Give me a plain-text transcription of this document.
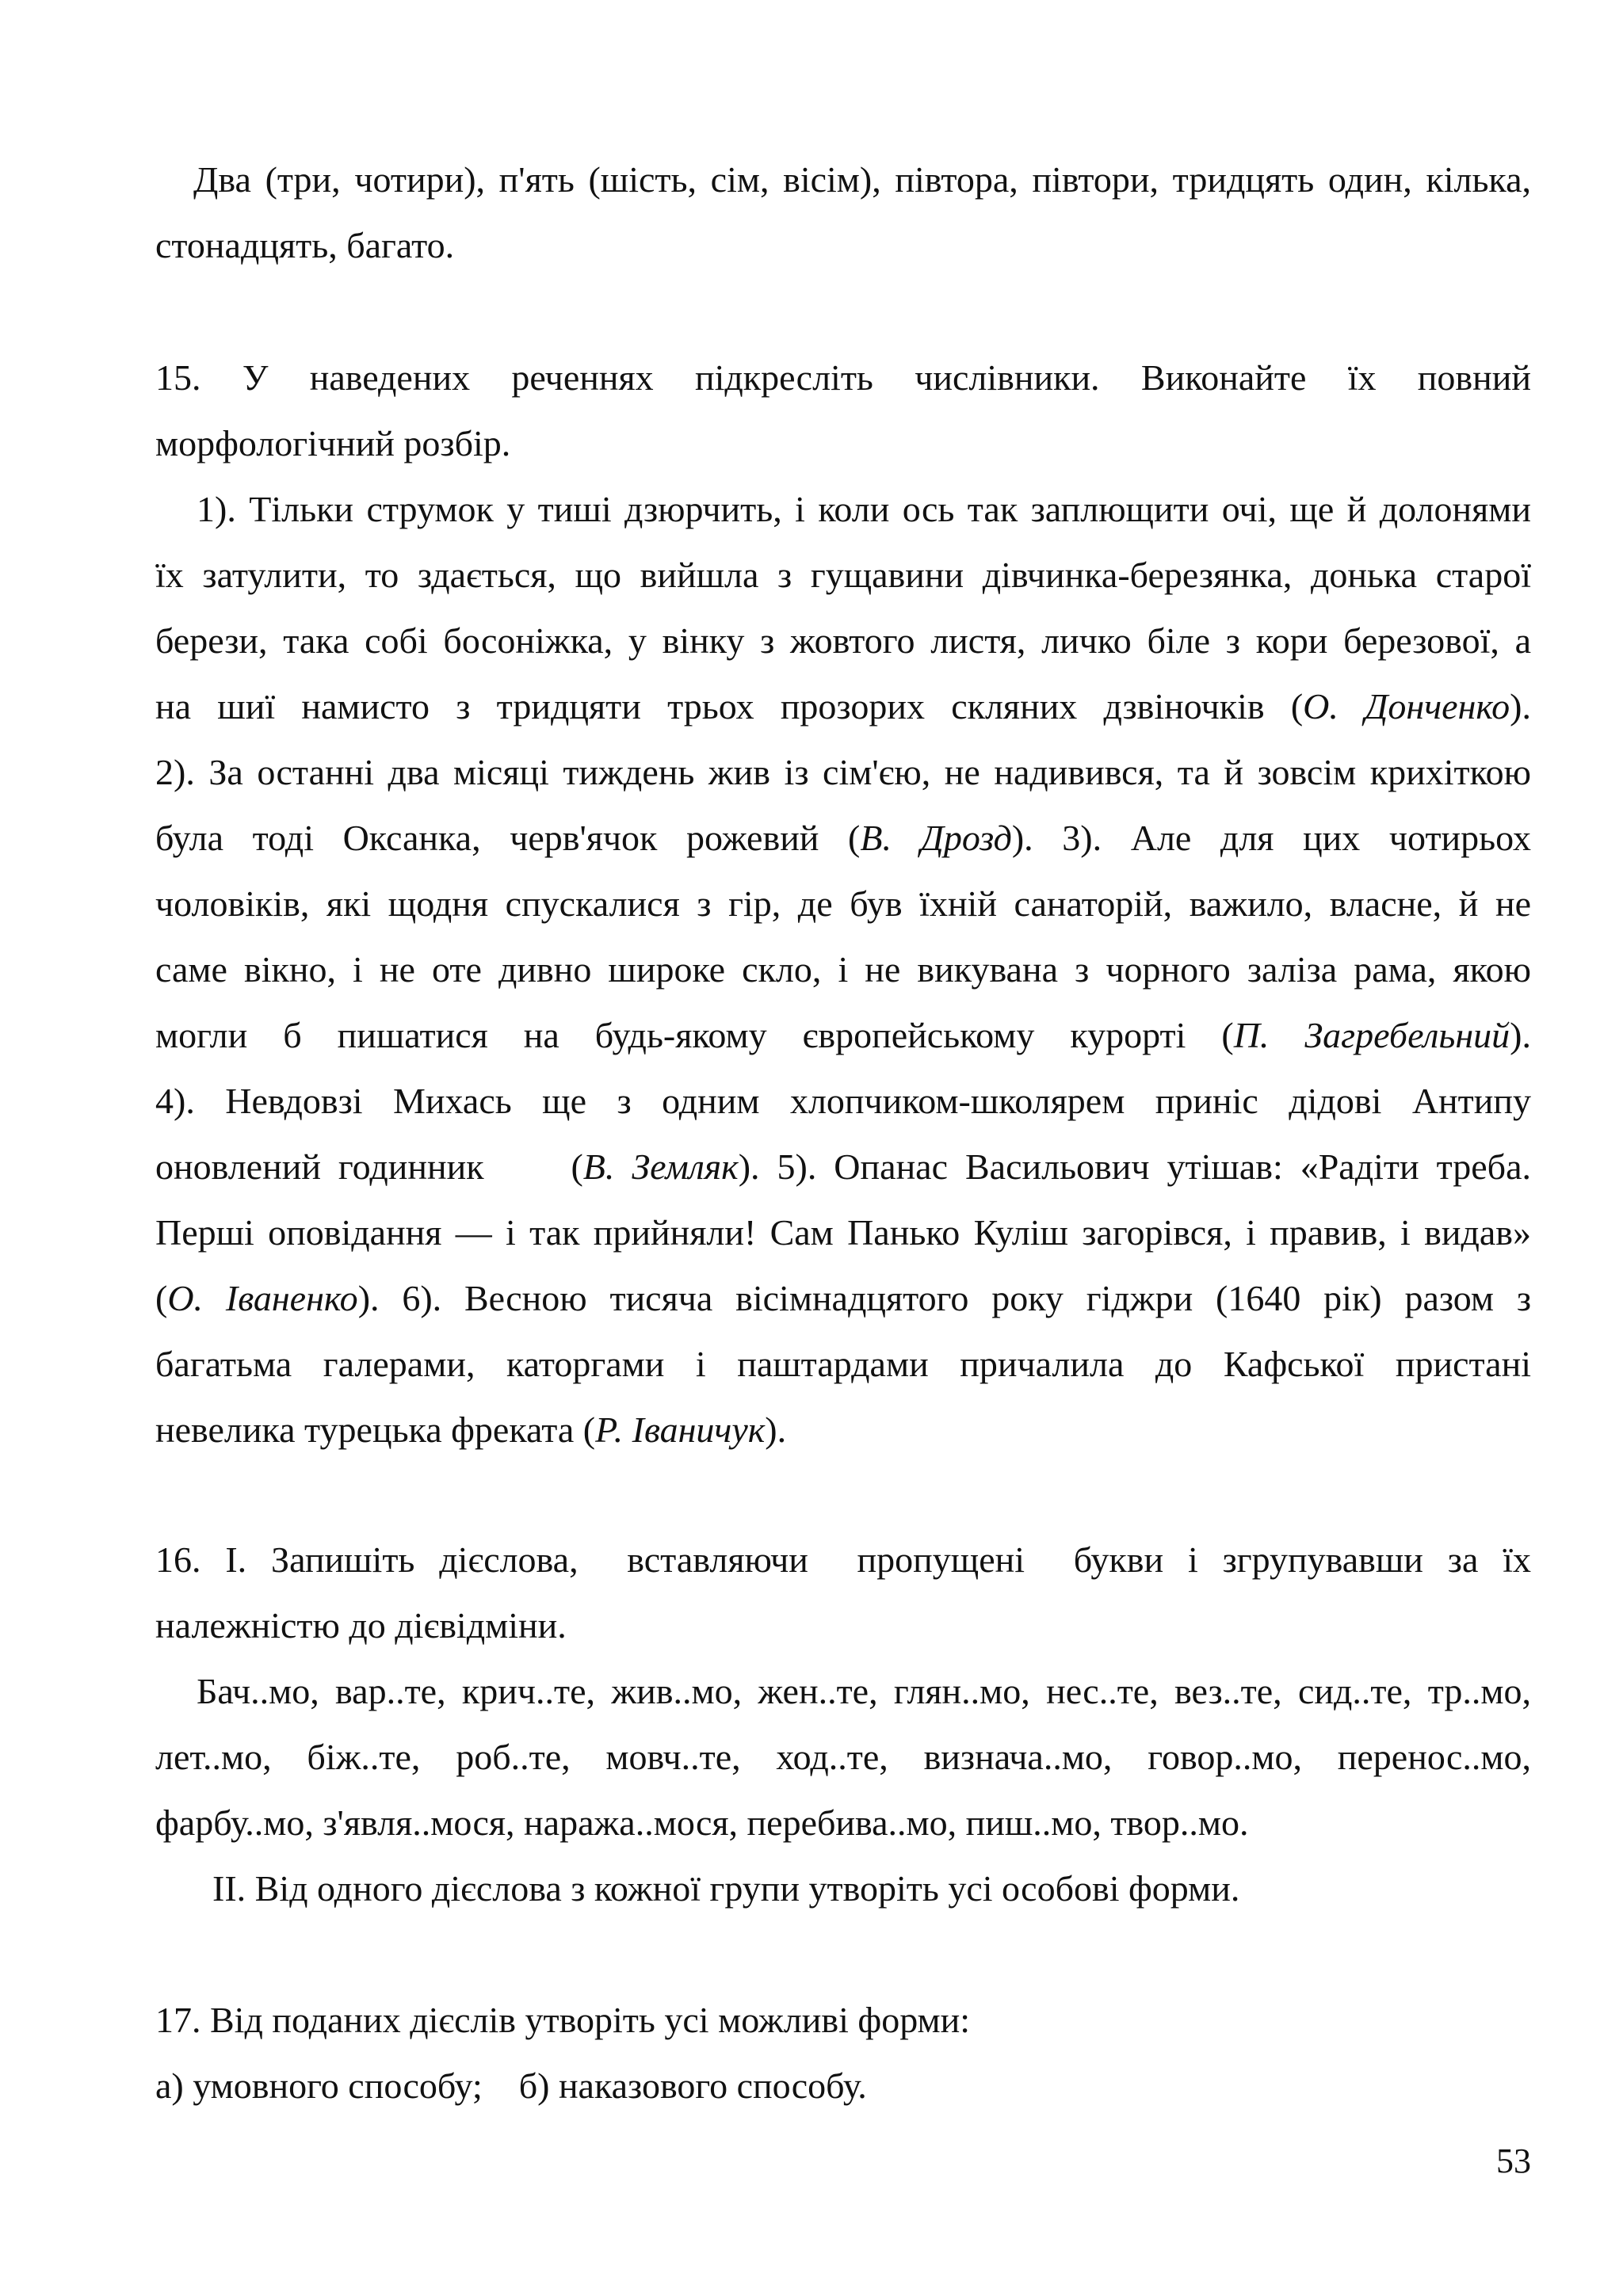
Два (три, чотири), п'ять (шість, сім, вісім), півтора, півтори, тридцять один, кілька,
стонадцять, багато.
15. У наведених реченнях підкресліть числівники. Виконайте їх повний
морфологічний розбір.
1). Тільки струмок у тиші дзюрчить, і коли ось так заплющити очі, ще й долонями
їх затулити, то здається, що вийшла з гущавини дівчинка-березянка, донька старої
берези, така собі босоніжка, у вінку з жовтого листя, личко біле з кори березової, а
на шиї намисто з тридцяти трьох прозорих скляних дзвіночків (О. Донченко).
2). За останні два місяці тиждень жив із сім'єю, не надивився, та й зовсім крихіткою
була тоді Оксанка, черв'ячок рожевий (В. Дрозд). 3). Але для цих чотирьох
чоловіків, які щодня спускалися з гір, де був їхній санаторій, важило, власне, й не
саме вікно, і не оте дивно широке скло, і не викувана з чорного заліза рама, якою
могли б пишатися на будь-якому європейському курорті (П. Загребельний).
4). Невдовзі Михась ще з одним хлопчиком-школярем приніс дідові Антипу
оновлений годинник     (В. Земляк). 5). Опанас Васильович утішав: «Радіти треба.
Перші оповідання — і так прийняли! Сам Панько Куліш загорівся, і правив, і видав»
(О. Іваненко). 6). Весною тисяча вісімнадцятого року гіджри (1640 рік) разом з
багатьма галерами, каторгами і паштардами причалила до Кафської пристані
невелика турецька фреката (Р. Іваничук).
16. І. Запишіть дієслова,  вставляючи  пропущені  букви і згрупувавши за їх
належністю до дієвідміни.
Бач..мо, вар..те, крич..те, жив..мо, жен..те, глян..мо, нес..те, вез..те, сид..те, тр..мо,
лет..мо, біж..те, роб..те, мовч..те, ход..те, визнача..мо, говор..мо, перенос..мо,
фарбу..мо, з'явля..мося, наража..мося, перебива..мо, пиш..мо, твор..мо.
ІІ. Від одного дієслова з кожної групи утворіть усі особові форми.
17. Від поданих дієслів утворіть усі можливі форми:
а) умовного способу;    б) наказового способу.
53
